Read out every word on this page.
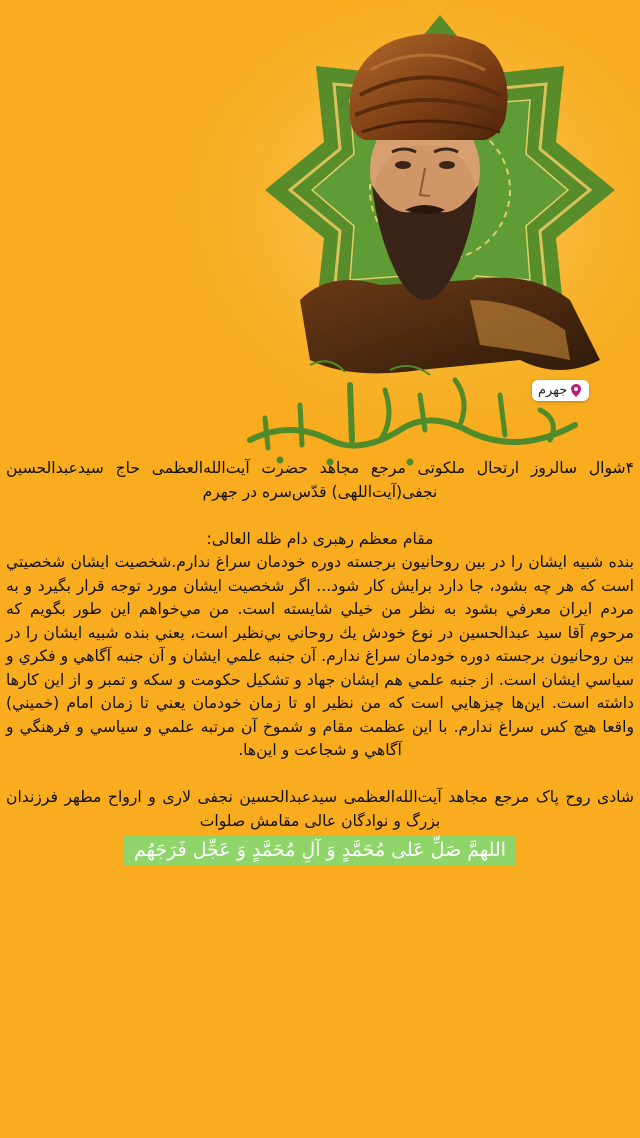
جهرم

۴شوال سالروز ارتحال ملکوتی مرجع مجاهد حضرت آیت‌الله‌العظمی حاج سیدعبدالحسین نجفی(آیت‌اللهی) قدّس‌سره در جهرم

مقام معظم رهبری دام ظله العالی:

بنده شبيه ايشان را در بين روحانيون برجسته دوره خودمان سراغ ندارم.شخصيت ايشان شخصيتي است كه هر چه بشود، جا دارد برايش كار شود... اگر شخصيت ايشان مورد توجه قرار بگيرد و به مردم ايران معرفي بشود به نظر من خيلي شايسته است. من مي‌خواهم اين طور بگويم كه مرحوم آقا سيد عبدالحسين در نوع خودش يك روحاني بي‌نظير است، يعني بنده شبيه ايشان را در بين روحانيون برجسته دوره خودمان سراغ ندارم. آن جنبه علمي ايشان و آن جنبه آگاهي و فكري و سياسي ايشان است. از جنبه علمي هم ايشان جهاد و تشكيل حكومت و سكه و تمبر و از اين كارها داشته است. اين‌ها چيزهايي است كه من نظير او تا زمان خودمان يعني تا زمان امام (خميني) واقعا هيچ كس سراغ ندارم. با اين عظمت مقام و شموخ آن مرتبه علمي و سياسي و فرهنگي و آگاهي و شجاعت و اين‌ها.

شادی روح پاک مرجع مجاهد آیت‌الله‌العظمی سیدعبدالحسین نجفی لاری و ارواح مطهر فرزندان بزرگ و نوادگان عالی مقامش صلوات

اللهمَّ صَلِّ عَلی مُحَمَّدٍ وَ آلِ مُحَمَّدٍ وَ عَجِّل فَرَجَهُم
